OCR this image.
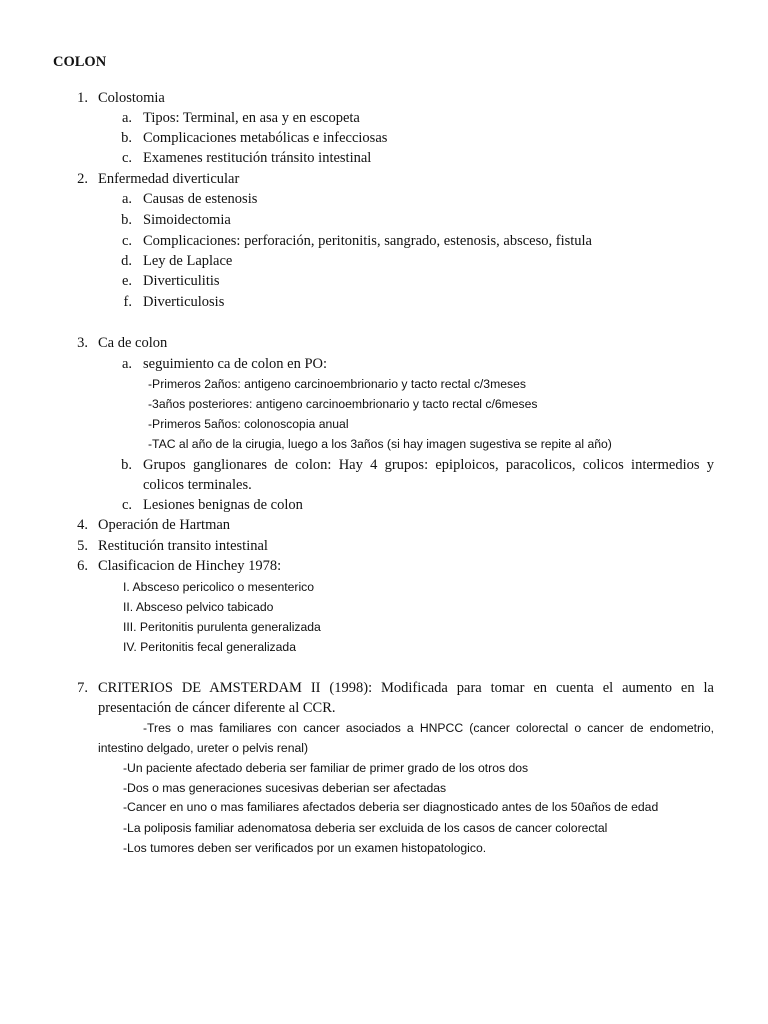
COLON
1. Colostomia
a. Tipos: Terminal, en asa y en escopeta
b. Complicaciones metabólicas e infecciosas
c. Examenes restitución tránsito intestinal
2. Enfermedad diverticular
a. Causas de estenosis
b. Simoidectomia
c. Complicaciones: perforación, peritonitis, sangrado, estenosis, absceso, fistula
d. Ley de Laplace
e. Diverticulitis
f. Diverticulosis
3. Ca de colon
a. seguimiento ca de colon en PO:
-Primeros 2años: antigeno carcinoembrionario y tacto rectal c/3meses
-3años posteriores: antigeno carcinoembrionario y tacto rectal c/6meses
-Primeros 5años: colonoscopia anual
-TAC al año de la cirugia, luego a los 3años (si hay imagen sugestiva se repite al año)
b. Grupos ganglionares de colon: Hay 4 grupos: epiploicos, paracolicos, colicos intermedios y
colicos terminales.
c. Lesiones benignas de colon
4. Operación de Hartman
5. Restitución transito intestinal
6. Clasificacion de Hinchey 1978:
I. Absceso pericolico o mesenterico
II. Absceso pelvico tabicado
III. Peritonitis purulenta generalizada
IV. Peritonitis fecal generalizada
7. CRITERIOS DE AMSTERDAM II (1998): Modificada para tomar en cuenta el aumento en la
presentación de cáncer diferente al CCR.
-Tres o mas familiares con cancer asociados a HNPCC (cancer colorectal o cancer de endometrio,
intestino delgado, ureter o pelvis renal)
-Un paciente afectado deberia ser familiar de primer grado de los otros dos
-Dos o mas generaciones sucesivas deberian ser afectadas
-Cancer en uno o mas familiares afectados deberia ser diagnosticado antes de los 50años de edad
-La poliposis familiar adenomatosa deberia ser excluida de los casos de cancer colorectal
-Los tumores deben ser verificados por un examen histopatologico.
